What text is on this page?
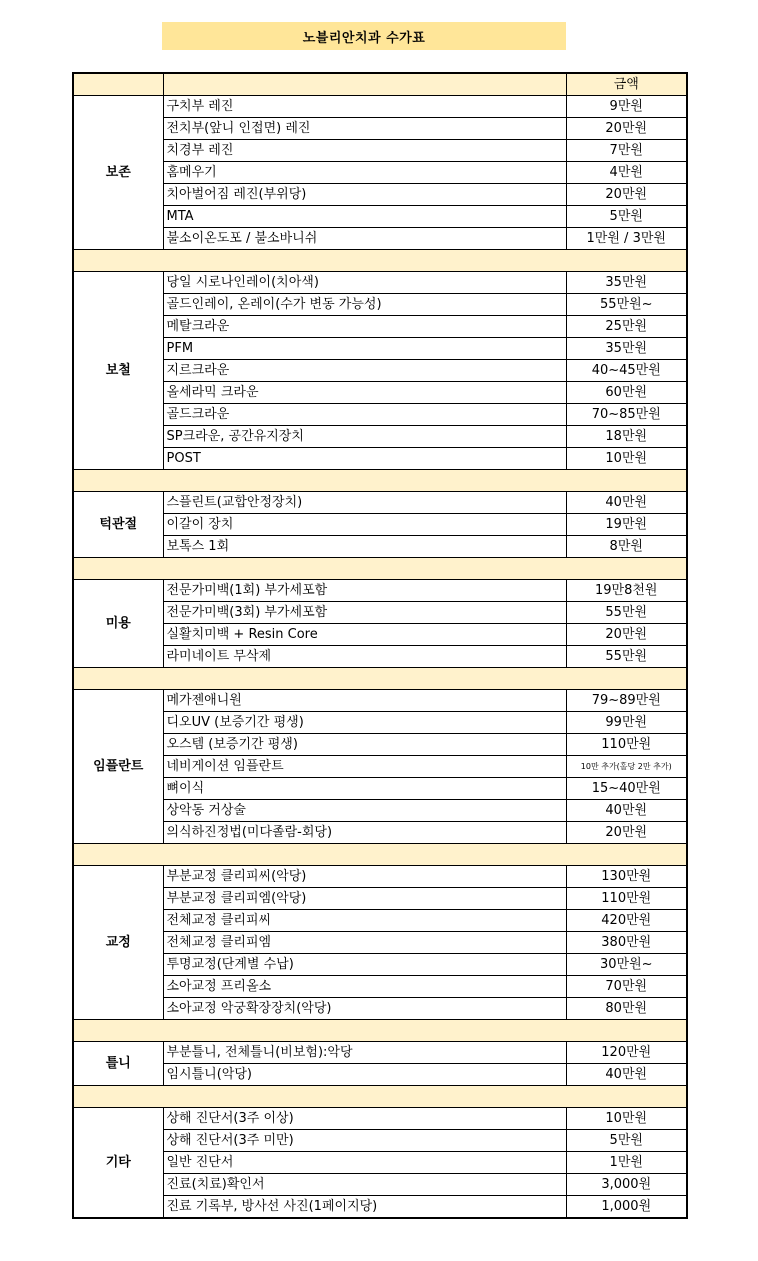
노블리안치과 수가표
		금액
보존	구치부 레진	9만원
	전치부(앞니 인접면) 레진	20만원
	치경부 레진	7만원
	홈메우기	4만원
	치아벌어짐 레진(부위당)	20만원
	MTA	5만원
	불소이온도포 / 불소바니쉬	1만원 / 3만원

보철	당일 시로나인레이(치아색)	35만원
	골드인레이, 온레이(수가 변동 가능성)	55만원~
	메탈크라운	25만원
	PFM	35만원
	지르크라운	40~45만원
	올세라믹 크라운	60만원
	골드크라운	70~85만원
	SP크라운, 공간유지장치	18만원
	POST	10만원

턱관절	스플린트(교합안정장치)	40만원
	이갈이 장치	19만원
	보톡스 1회	8만원

미용	전문가미백(1회) 부가세포함	19만8천원
	전문가미백(3회) 부가세포함	55만원
	실활치미백 + Resin Core	20만원
	라미네이트 무삭제	55만원

임플란트	메가젠애니원	79~89만원
	디오UV (보증기간 평생)	99만원
	오스템 (보증기간 평생)	110만원
	네비게이션 임플란트	10만 추가(홀당 2만 추가)
	뼈이식	15~40만원
	상악동 거상술	40만원
	의식하진정법(미다졸람-회당)	20만원

교정	부분교정 클리피씨(악당)	130만원
	부분교정 클리피엠(악당)	110만원
	전체교정 클리피씨	420만원
	전체교정 클리피엠	380만원
	투명교정(단계별 수납)	30만원~
	소아교정 프리올소	70만원
	소아교정 악궁확장장치(악당)	80만원

틀니	부분틀니, 전체틀니(비보험):악당	120만원
	임시틀니(악당)	40만원

기타	상해 진단서(3주 이상)	10만원
	상해 진단서(3주 미만)	5만원
	일반 진단서	1만원
	진료(치료)확인서	3,000원
	진료 기록부, 방사선 사진(1페이지당)	1,000원
